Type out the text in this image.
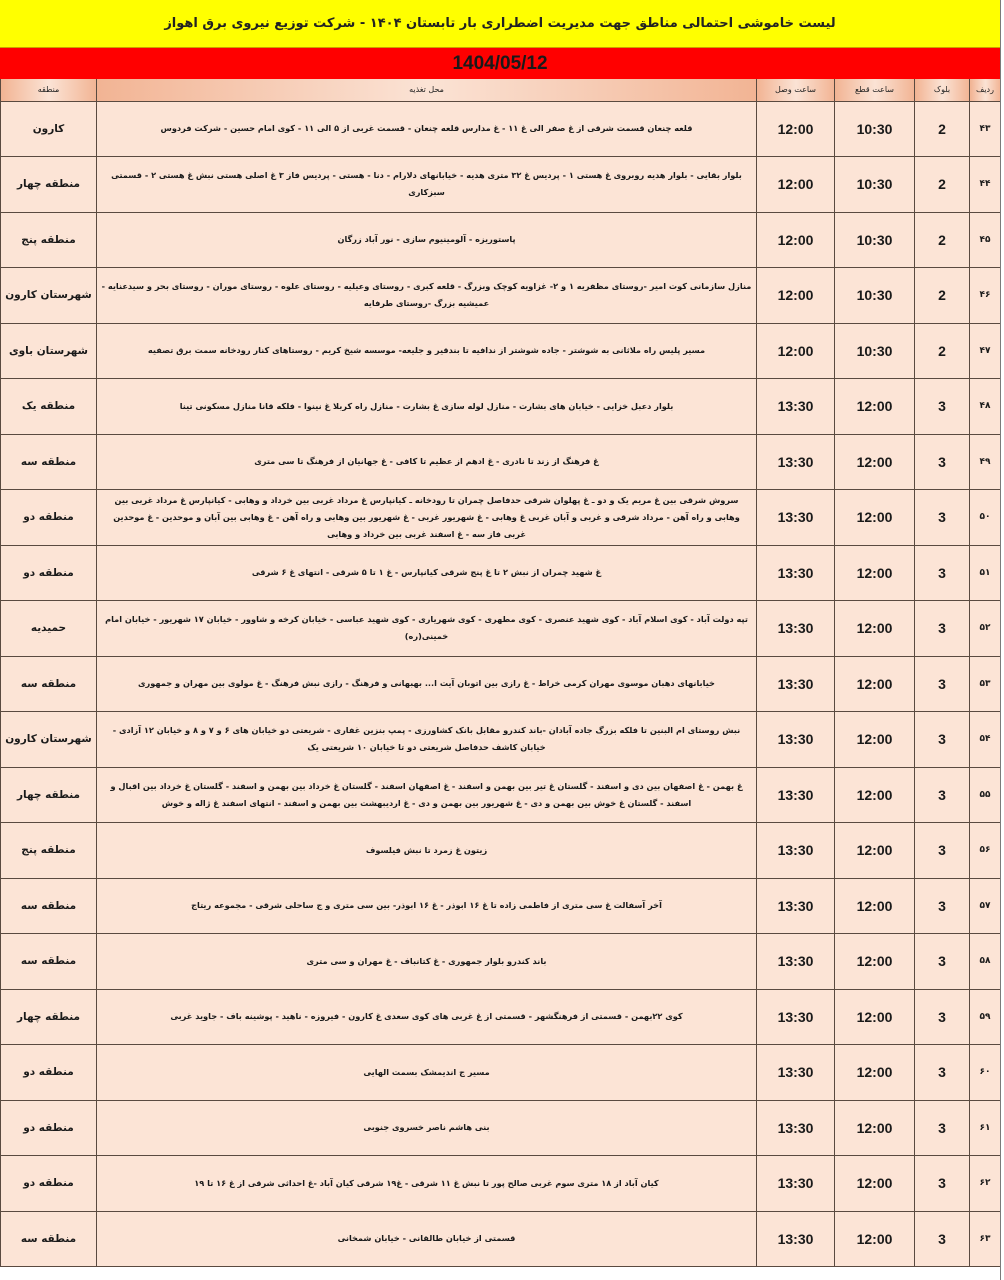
لیست خاموشی احتمالی مناطق جهت مدیریت اضطراری بار تابستان ۱۴۰۴ - شرکت توزیع نیروی برق اهواز
1404/05/12
ردیف	بلوک	ساعت قطع	ساعت وصل	محل تغذیه	منطقه
۴۳	2	10:30	12:00	قلعه چنعان قسمت شرقی از غ صفر الی غ ۱۱ - غ مدارس قلعه چنعان - قسمت غربی از ۵ الی ۱۱ - کوی امام حسین - شرکت فردوس	کارون
۴۴	2	10:30	12:00	بلوار بقایی - بلوار هدیه روبروی غ هستی ۱ - پردیس غ ۳۲ متری هدیه - خیابانهای دلارام - دنا - هستی - پردیس فاز ۳ غ اصلی هستی نبش غ هستی ۲ - قسمتی سبزکاری	منطقه چهار
۴۵	2	10:30	12:00	پاستوریزه - آلومینیوم سازی - نور آباد زرگان	منطقه پنج
۴۶	2	10:30	12:00	منازل سازمانی کوت امیر -روستای مظفریه ۱ و ۲- غزاویه کوچک وبزرگ - قلعه کبری - روستای وعیلیه - روستای علوه - روستای موران - روستای بحر و سیدعنایه - عمیشیه بزرگ -روستای طرفایه	شهرستان کارون
۴۷	2	10:30	12:00	مسیر پلیس راه ملاثانی به شوشتر - جاده شوشتر از ندافیه تا بندقیر و جلیعه- موسسه شیخ کریم - روستاهای کنار رودخانه سمت برق تصفیه	شهرستان باوی
۴۸	3	12:00	13:30	بلوار دعبل خزایی - خیابان های بشارت - منازل لوله سازی غ بشارت - منازل راه کربلا غ نینوا - فلکه قانا منازل مسکونی تینا	منطقه یک
۴۹	3	12:00	13:30	غ فرهنگ از زند تا نادری - غ ادهم از عظیم تا کافی - غ جهانیان از فرهنگ تا سی متری	منطقه سه
۵۰	3	12:00	13:30	سروش شرقی بین غ مریم یک و دو ـ غ پهلوان شرقی حدفاصل چمران تا رودخانه ـ کیانپارس غ مرداد غربی بین خرداد و وهابی - کیانپارس غ مرداد غربی بین وهابی و راه آهن - مرداد شرقی و غربی و آبان غربی غ وهابی - غ شهریور غربی - غ شهریور بین وهابی و راه آهن - غ وهابی بین آبان و موحدین - غ موحدین غربی فاز سه - غ اسفند غربی بین خرداد و وهابی	منطقه دو
۵۱	3	12:00	13:30	غ شهید چمران از نبش ۲ تا غ پنج شرقی کیانپارس - غ ۱ تا ۵ شرقی - انتهای غ ۶ شرقی	منطقه دو
۵۲	3	12:00	13:30	تپه دولت آباد - کوی اسلام آباد - کوی شهید عنصری - کوی مطهری - کوی شهریاری - کوی شهید عباسی - خیابان کرخه و شاوور - خیابان ۱۷ شهریور - خیابان امام خمینی(ره)	حمیدیه
۵۳	3	12:00	13:30	خیابانهای دهبان موسوی مهران کرمی خراط - غ رازی بین اتوبان آیت ا... بهبهانی و فرهنگ - رازی نبش فرهنگ - غ مولوی بین مهران و جمهوری	منطقه سه
۵۴	3	12:00	13:30	نبش روستای ام البنین تا فلکه بزرگ جاده آبادان -باند کندرو مقابل بانک کشاورزی - پمپ بنزین غفاری - شریعتی دو خیابان های ۶ و ۷ و ۸ و خیابان ۱۲ آزادی - خیابان کاشف حدفاصل شریعتی دو تا خیابان ۱۰ شریعتی یک	شهرستان کارون
۵۵	3	12:00	13:30	غ بهمن - غ اصفهان بین دی و اسفند - گلستان غ تیر بین بهمن و اسفند - غ اصفهان اسفند - گلستان غ خرداد بین بهمن و اسفند - گلستان غ خرداد بین اقبال و اسفند - گلستان غ خوش بین بهمن و دی - غ شهریور بین بهمن و دی - غ اردیبهشت بین بهمن و اسفند - انتهای اسفند غ ژاله و خوش	منطقه چهار
۵۶	3	12:00	13:30	زیتون غ زمرد تا نبش فیلسوف	منطقه پنج
۵۷	3	12:00	13:30	آخر آسفالت غ سی متری از فاطمی زاده تا غ ۱۶ ابوذر - غ ۱۶ ابوذر- بین سی متری و ج ساحلی شرقی - مجموعه ریتاج	منطقه سه
۵۸	3	12:00	13:30	باند کندرو بلوار جمهوری - غ کتانباف - غ مهران و سی متری	منطقه سه
۵۹	3	12:00	13:30	کوی ۲۲بهمن - قسمتی از فرهنگشهر - قسمتی از غ غربی های کوی سعدی غ کارون - فیروزه - ناهید - پوشینه باف - جاوید غربی	منطقه چهار
۶۰	3	12:00	13:30	مسیر ج اندیمشک بسمت الهایی	منطقه دو
۶۱	3	12:00	13:30	بنی هاشم ناصر خسروی جنوبی	منطقه دو
۶۲	3	12:00	13:30	کیان آباد از ۱۸ متری سوم غربی صالح پور تا نبش غ ۱۱ شرقی - غ۱۹ شرقی کیان آباد -غ احداثی شرقی از غ ۱۶ تا ۱۹	منطقه دو
۶۳	3	12:00	13:30	قسمتی از خیابان طالقانی - خیابان شمخانی	منطقه سه
